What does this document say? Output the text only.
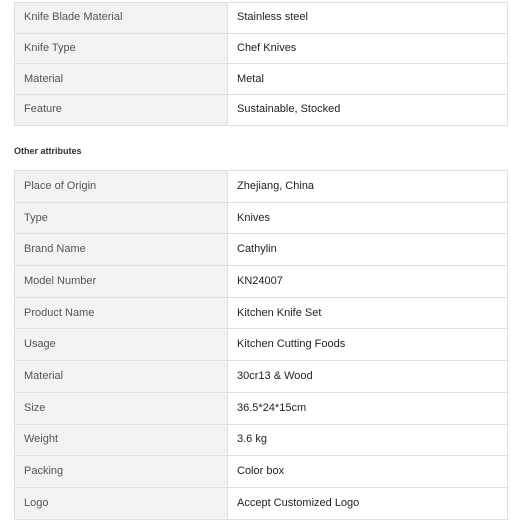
Knife Blade Material	Stainless steel
Knife Type	Chef Knives
Material	Metal
Feature	Sustainable, Stocked
Other attributes
Place of Origin	Zhejiang, China
Type	Knives
Brand Name	Cathylin
Model Number	KN24007
Product Name	Kitchen Knife Set
Usage	Kitchen Cutting Foods
Material	30cr13 & Wood
Size	36.5*24*15cm
Weight	3.6 kg
Packing	Color box
Logo	Accept Customized Logo
